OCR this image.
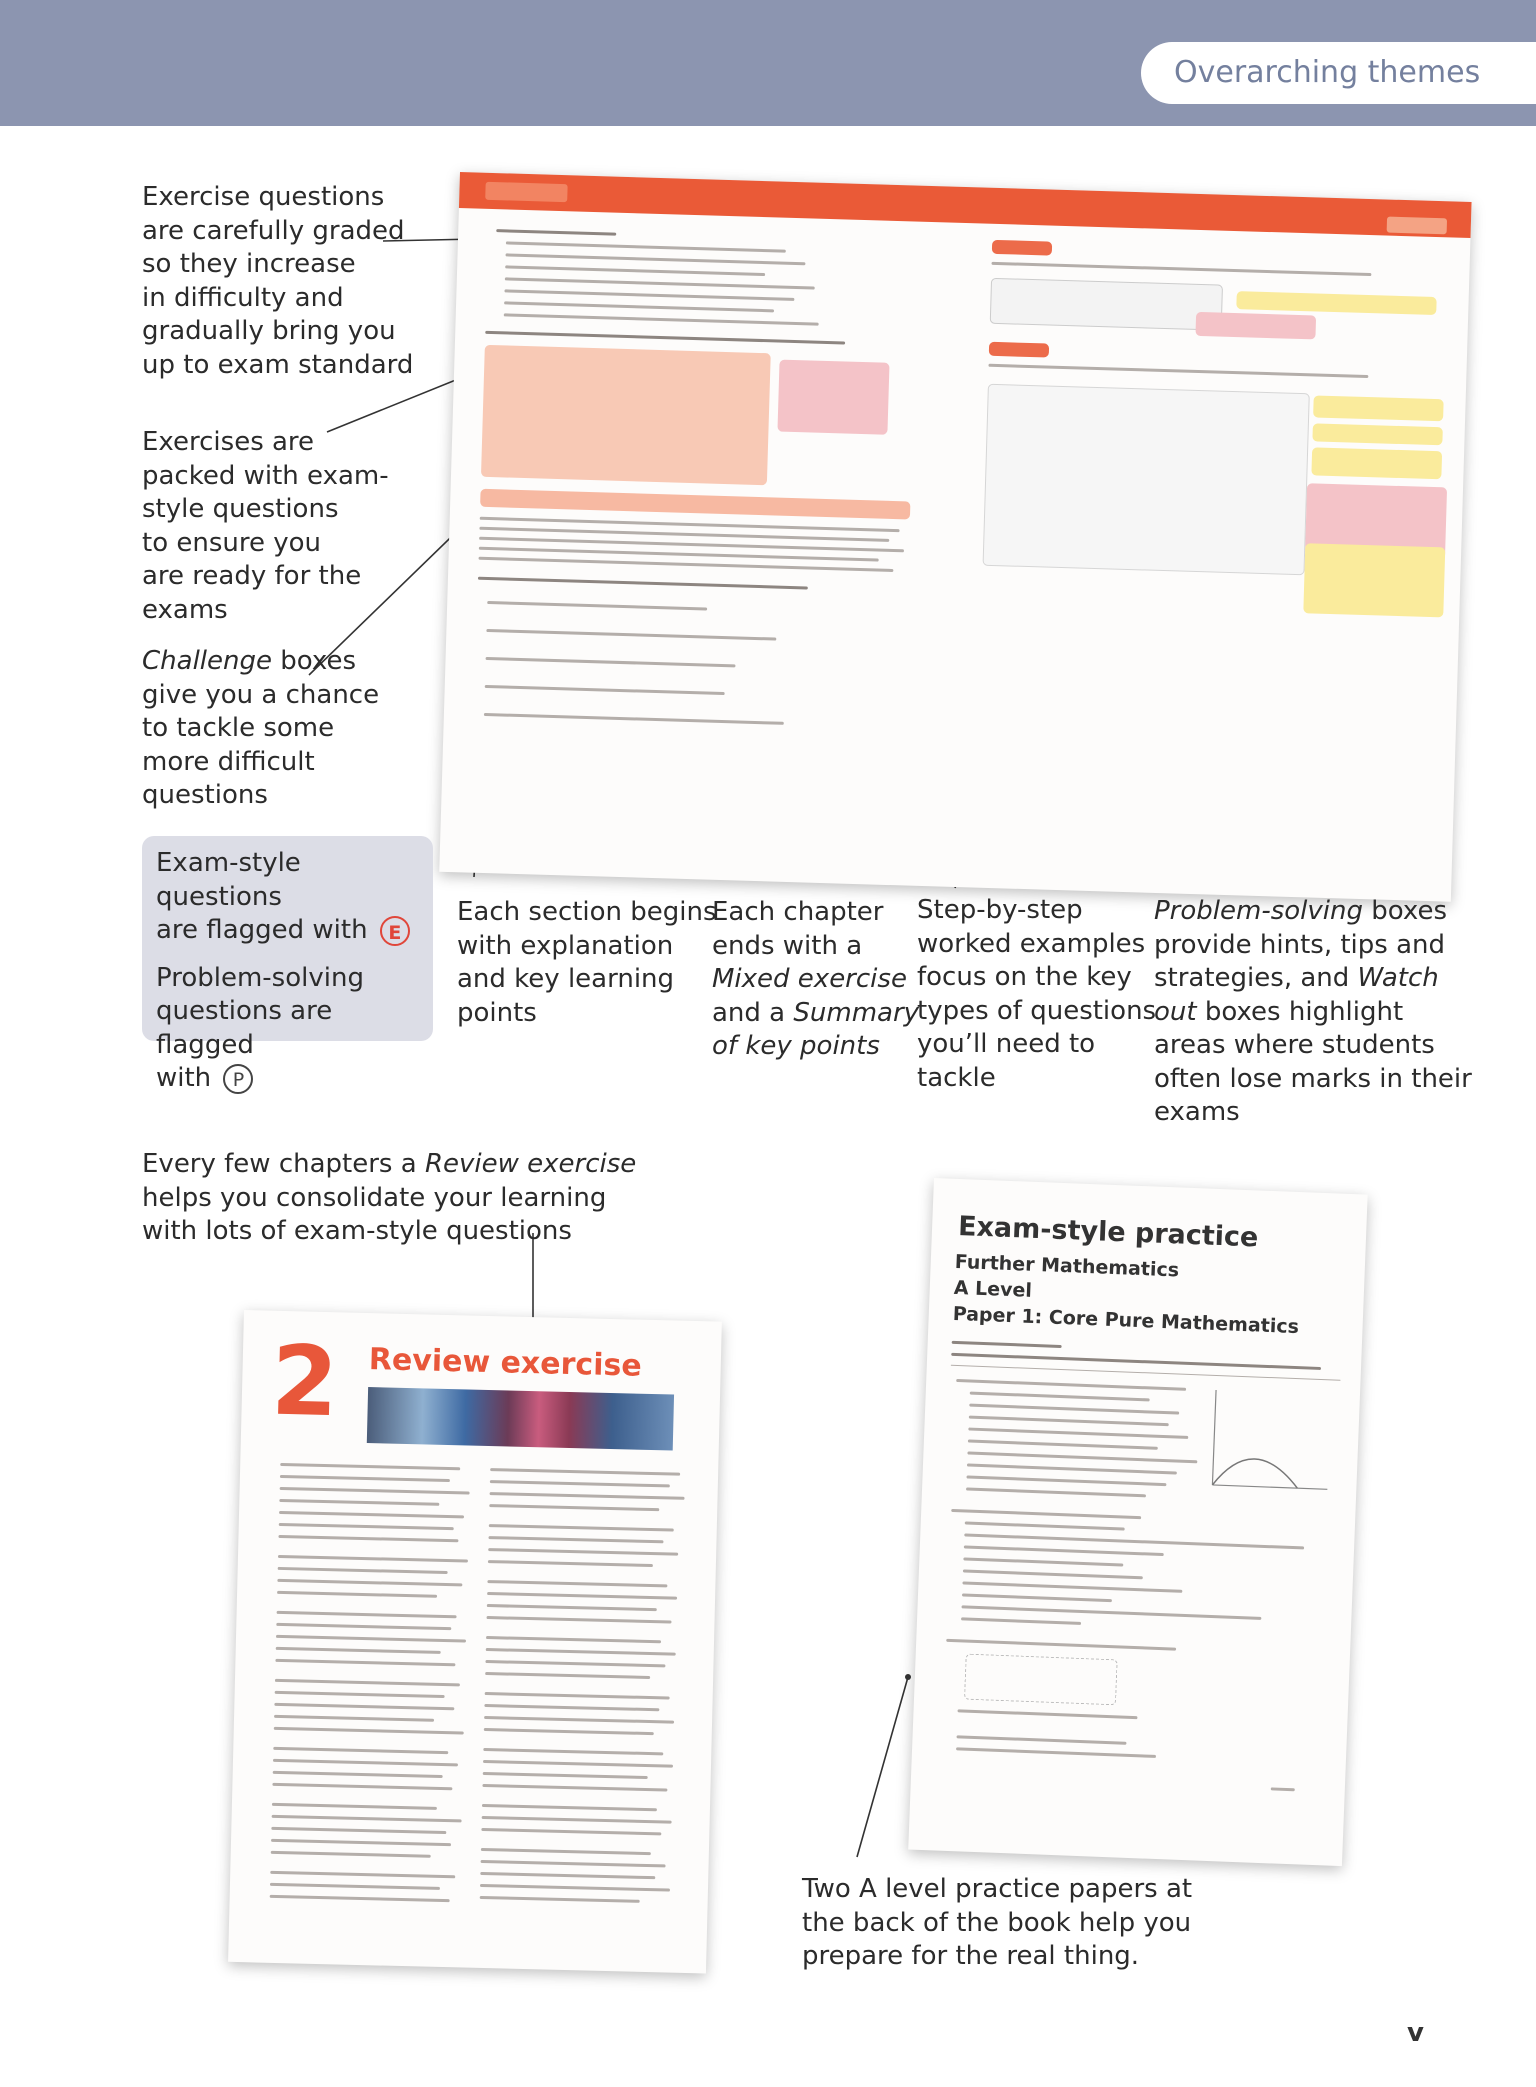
Overarching themes
Exercise questions
are carefully graded
so they increase
in difficulty and
gradually bring you
up to exam standard
Exercises are
packed with exam-
style questions
to ensure you
are ready for the
exams
Challenge boxes
give you a chance
to tackle some
more difficult
questions

Exam-style questions

are flagged with E

Problem-solving

questions are flagged

with P

Each section begins
with explanation
and key learning
points
Each chapter
ends with a
Mixed exercise
and a Summary
of key points
Step-by-step
worked examples
focus on the key
types of questions
you’ll need to
tackle
Problem-solving boxes
provide hints, tips and
strategies, and Watch
out boxes highlight
areas where students
often lose marks in their
exams
Every few chapters a Review exercise
helps you consolidate your learning
with lots of exam-style questions
2 Review exercise
Exam-style practice
Further Mathematics
A Level
Paper 1: Core Pure Mathematics
Two A level practice papers at
the back of the book help you
prepare for the real thing.
v
